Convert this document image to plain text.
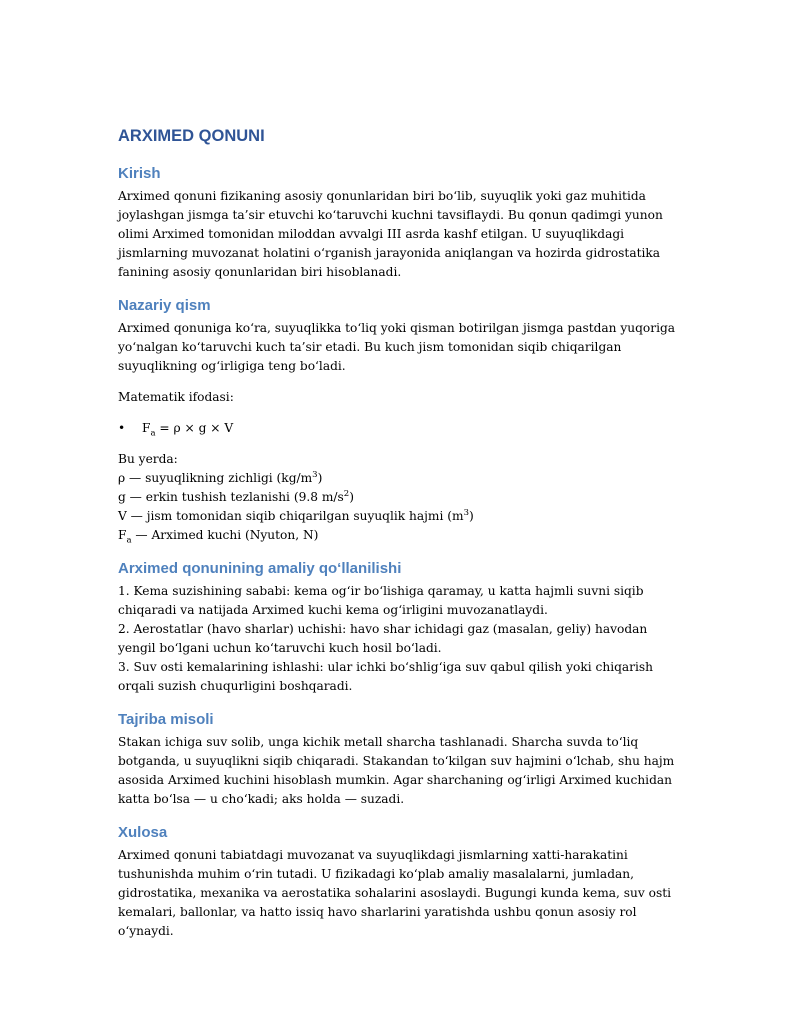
ARXIMED QONUNI
Kirish

Arximed qonuni fizikaning asosiy qonunlaridan biri bo‘lib, suyuqlik yoki gaz muhitida joylashgan jismga ta’sir etuvchi ko‘taruvchi kuchni tavsiflaydi. Bu qonun qadimgi yunon olimi Arximed tomonidan miloddan avvalgi III asrda kashf etilgan. U suyuqlikdagi jismlarning muvozanat holatini o‘rganish jarayonida aniqlangan va hozirda gidrostatika fanining asosiy qonunlaridan biri hisoblanadi.

Nazariy qism

Arximed qonuniga ko‘ra, suyuqlikka to‘liq yoki qisman botirilgan jismga pastdan yuqoriga yo‘nalgan ko‘taruvchi kuch ta’sir etadi. Bu kuch jism tomonidan siqib chiqarilgan suyuqlikning og‘irligiga teng bo‘ladi.

Matematik ifodasi:

• $F_a = \rho \times g \times V$

Bu yerda:

ρ — suyuqlikning zichligi $(kg/m^3)$

g — erkin tushish tezlanishi (9.8 $m/s^2$)

V — jism tomonidan siqib chiqarilgan suyuqlik hajmi $(m^3)$

$F_a$ — Arximed kuchi (Nyuton, N)

Arximed qonunining amaliy qo‘llanilishi

1. Kema suzishining sababi: kema og‘ir bo‘lishiga qaramay, u katta hajmli suvni siqib chiqaradi va natijada Arximed kuchi kema og‘irligini muvozanatlaydi.

2. Aerostatlar (havo sharlar) uchishi: havo shar ichidagi gaz (masalan, geliy) havodan yengil bo‘lgani uchun ko‘taruvchi kuch hosil bo‘ladi.

3. Suv osti kemalarining ishlashi: ular ichki bo‘shlig‘iga suv qabul qilish yoki chiqarish orqali suzish chuqurligini boshqaradi.

Tajriba misoli

Stakan ichiga suv solib, unga kichik metall sharcha tashlanadi. Sharcha suvda to‘liq botganda, u suyuqlikni siqib chiqaradi. Stakandan to‘kilgan suv hajmini o‘lchab, shu hajm asosida Arximed kuchini hisoblash mumkin. Agar sharchaning og‘irligi Arximed kuchidan katta bo‘lsa — u cho‘kadi; aks holda — suzadi.

Xulosa

Arximed qonuni tabiatdagi muvozanat va suyuqlikdagi jismlarning xatti-harakatini tushunishda muhim o‘rin tutadi. U fizikadagi ko‘plab amaliy masalalarni, jumladan, gidrostatika, mexanika va aerostatika sohalarini asoslaydi. Bugungi kunda kema, suv osti kemalari, ballonlar, va hatto issiq havo sharlarini yaratishda ushbu qonun asosiy rol o‘ynaydi.
